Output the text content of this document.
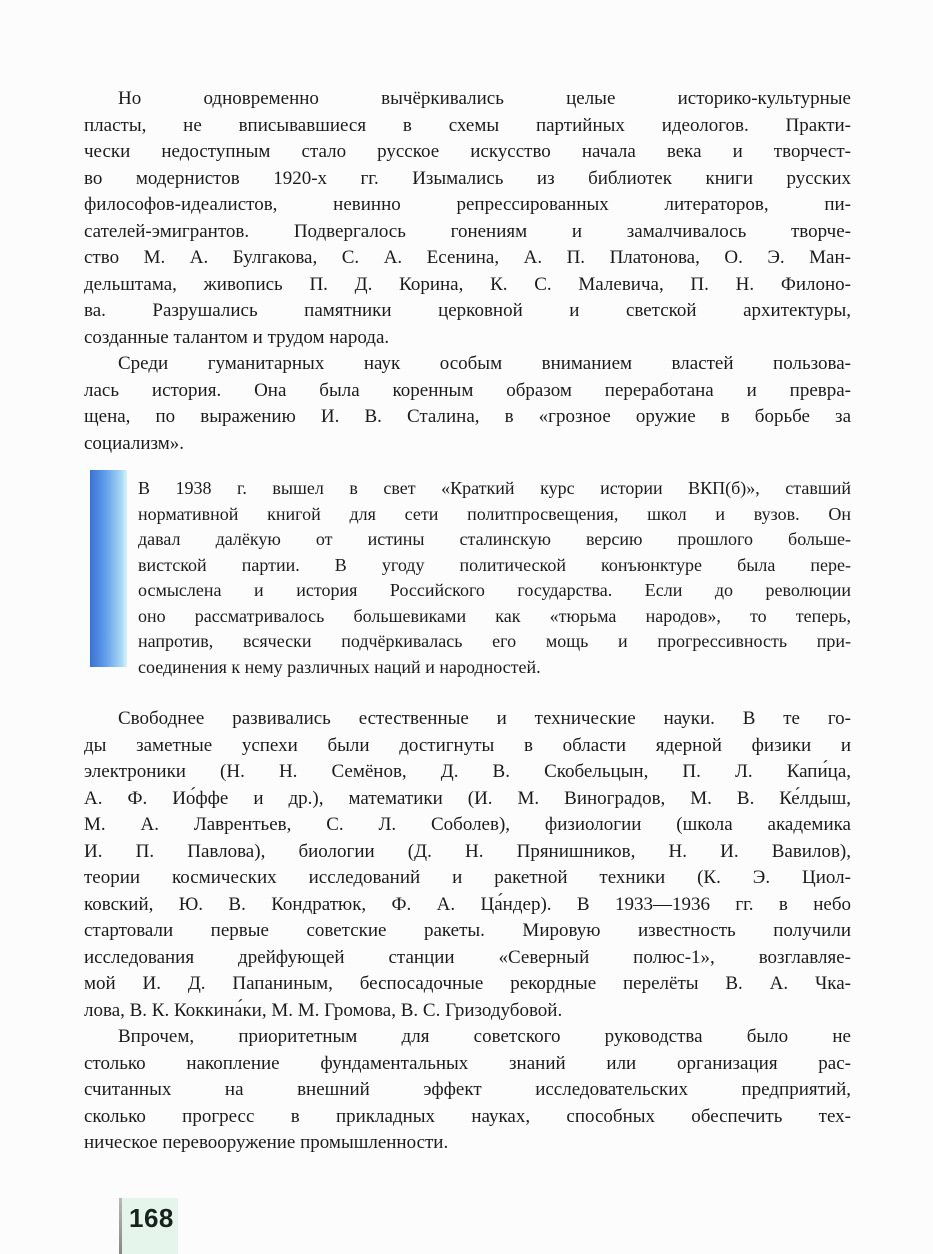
Но одновременно вычёркивались целые историко-культурные
пласты, не вписывавшиеся в схемы партийных идеологов. Практи-
чески недоступным стало русское искусство начала века и творчест-
во модернистов 1920-х гг. Изымались из библиотек книги русских
философов-идеалистов, невинно репрессированных литераторов, пи-
сателей-эмигрантов. Подвергалось гонениям и замалчивалось творче-
ство М. А. Булгакова, С. А. Есенина, А. П. Платонова, О. Э. Ман-
дельштама, живопись П. Д. Корина, К. С. Малевича, П. Н. Филоно-
ва. Разрушались памятники церковной и светской архитектуры,
созданные талантом и трудом народа.
Среди гуманитарных наук особым вниманием властей пользова-
лась история. Она была коренным образом переработана и превра-
щена, по выражению И. В. Сталина, в «грозное оружие в борьбе за
социализм».
В 1938 г. вышел в свет «Краткий курс истории ВКП(б)», ставший
нормативной книгой для сети политпросвещения, школ и вузов. Он
давал далёкую от истины сталинскую версию прошлого больше-
вистской партии. В угоду политической конъюнктуре была пере-
осмыслена и история Российского государства. Если до революции
оно рассматривалось большевиками как «тюрьма народов», то теперь,
напротив, всячески подчёркивалась его мощь и прогрессивность при-
соединения к нему различных наций и народностей.
Свободнее развивались естественные и технические науки. В те го-
ды заметные успехи были достигнуты в области ядерной физики и
электроники (Н. Н. Семёнов, Д. В. Скобельцын, П. Л. Капи́ца,
А. Ф. Ио́ффе и др.), математики (И. М. Виноградов, М. В. Ке́лдыш,
М. А. Лаврентьев, С. Л. Соболев), физиологии (школа академика
И. П. Павлова), биологии (Д. Н. Прянишников, Н. И. Вавилов),
теории космических исследований и ракетной техники (К. Э. Циол-
ковский, Ю. В. Кондратюк, Ф. А. Ца́ндер). В 1933—1936 гг. в небо
стартовали первые советские ракеты. Мировую известность получили
исследования дрейфующей станции «Северный полюс-1», возглавляе-
мой И. Д. Папаниным, беспосадочные рекордные перелёты В. А. Чка-
лова, В. К. Коккина́ки, М. М. Громова, В. С. Гризодубовой.
Впрочем, приоритетным для советского руководства было не
столько накопление фундаментальных знаний или организация рас-
считанных на внешний эффект исследовательских предприятий,
сколько прогресс в прикладных науках, способных обеспечить тех-
ническое перевооружение промышленности.
168
